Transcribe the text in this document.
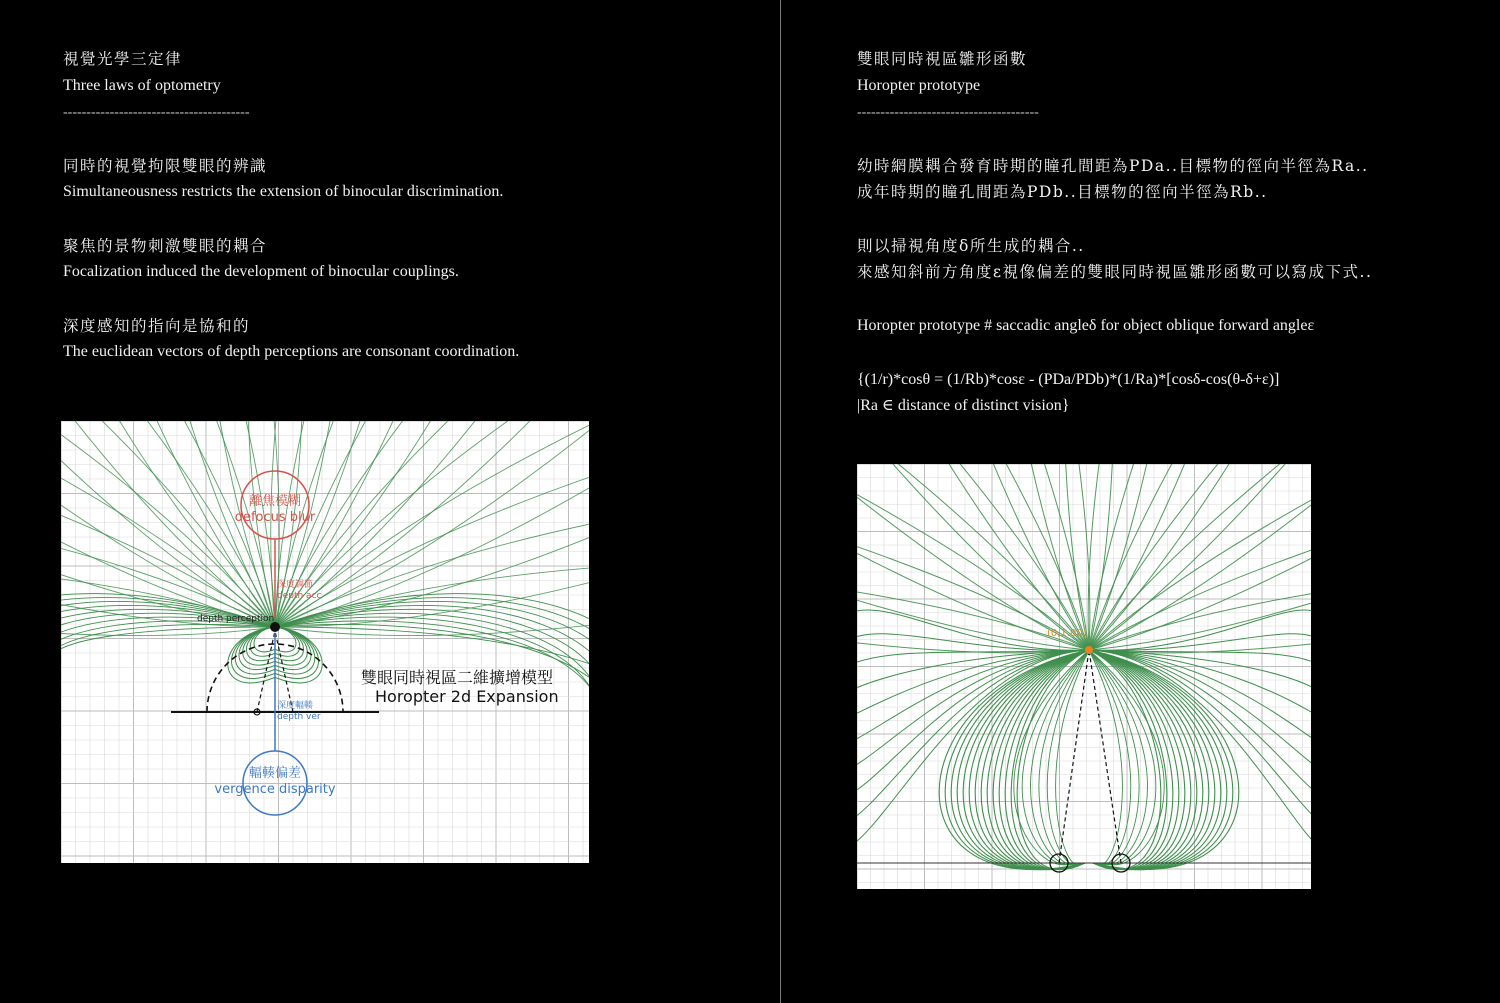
視覺光學三定律
Three laws of optometry
----------------------------------------
同時的視覺拘限雙眼的辨識
Simultaneousness restricts the extension of binocular discrimination.
聚焦的景物刺激雙眼的耦合
Focalization induced the development of binocular couplings.
深度感知的指向是協和的
The euclidean vectors of depth perceptions are consonant coordination.
離焦模糊
defocus blur
深度調節
depth acc
depth perception
深度輻輳
depth ver
輻輳偏差
vergence disparity
雙眼同時視區二維擴增模型
Horopter 2d Expansion
雙眼同時視區雛形函數
Horopter prototype
---------------------------------------
幼時網膜耦合發育時期的瞳孔間距為PDa..目標物的徑向半徑為Ra..
成年時期的瞳孔間距為PDb..目標物的徑向半徑為Rb..
則以掃視角度δ所生成的耦合..
來感知斜前方角度ε視像偏差的雙眼同時視區雛形函數可以寫成下式..
Horopter prototype # saccadic angleδ for object oblique forward angleε
{(1/r)*cosθ = (1/Rb)*cosε - (PDa/PDb)*(1/Ra)*[cosδ-cos(θ-δ+ε)]
|Ra ∈ distance of distinct vision}
(0,1.00)
